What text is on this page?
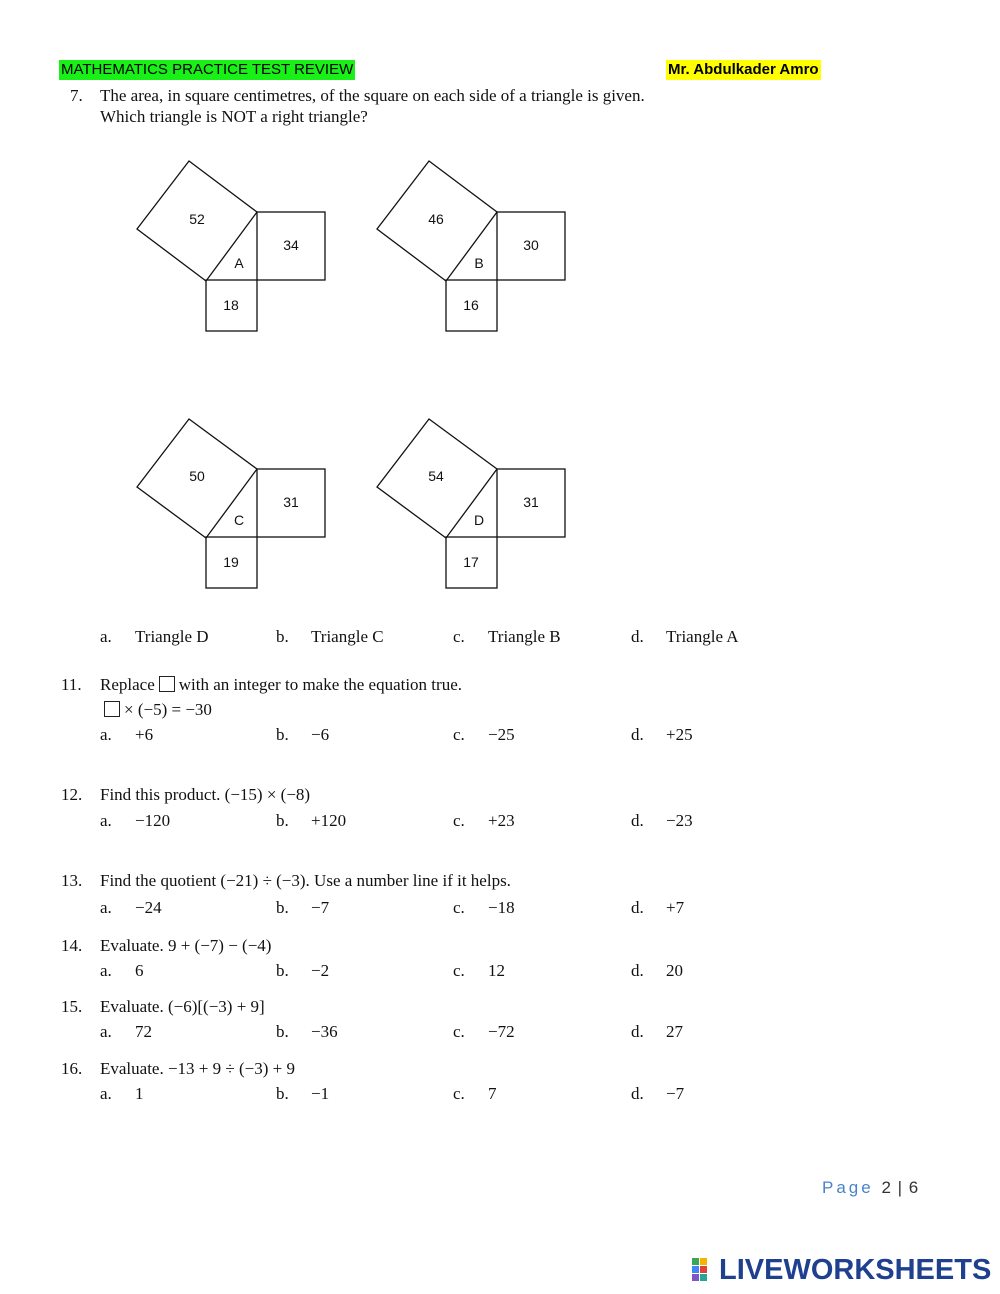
MATHEMATICS PRACTICE TEST REVIEW	Mr. Abdulkader Amro
7. The area, in square centimetres, of the square on each side of a triangle is given.
Which triangle is NOT a right triangle?
52
34
18
A
46
30
16
B
50
31
19
C
54
31
17
D
a. Triangle D	b. Triangle C	c. Triangle B	d. Triangle A
11. Replace with an integer to make the equation true.
× (−5) = −30
a. +6	b. −6	c. −25	d. +25
12. Find this product. (−15) × (−8)
a. −120	b. +120	c. +23	d. −23
13. Find the quotient (−21) ÷ (−3). Use a number line if it helps.
a. −24	b. −7	c. −18	d. +7
14. Evaluate. 9 + (−7) − (−4)
a. 6	b. −2	c. 12	d. 20
15. Evaluate. (−6)[(−3) + 9]
a. 72	b. −36	c. −72	d. 27
16. Evaluate. −13 + 9 ÷ (−3) + 9
a. 1	b. −1	c. 7	d. −7
Page 2 | 6
LIVEWORKSHEETS
